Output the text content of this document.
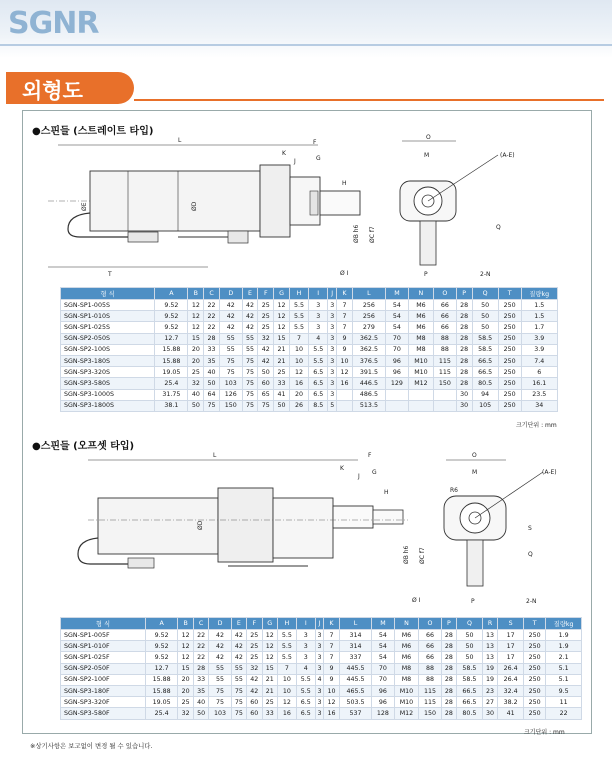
SGNR
외형도
●스핀들 (스트레이트 타입)
L
K
J
F
G
H
ØE	ØD
ØB h6 ØC f7
Ø I
T
O
M	(A-E)
Q
P	2-N
형 식	A	B	C	D	E	F	G	H	I	J	K	L	M	N	O	P	Q	T	질량kg
SGN-SP1-005S	9.52	12	22	42	42	25	12	5.5	3	3	7	256	54	M6	66	28	50	250	1.5
SGN-SP1-010S	9.52	12	22	42	42	25	12	5.5	3	3	7	256	54	M6	66	28	50	250	1.5
SGN-SP1-025S	9.52	12	22	42	42	25	12	5.5	3	3	7	279	54	M6	66	28	50	250	1.7
SGN-SP2-050S	12.7	15	28	55	55	32	15	7	4	3	9	362.5	70	M8	88	28	58.5	250	3.9
SGN-SP2-100S	15.88	20	33	55	55	42	21	10	5.5	3	9	362.5	70	M8	88	28	58.5	250	3.9
SGN-SP3-180S	15.88	20	35	75	75	42	21	10	5.5	3	10	376.5	96	M10	115	28	66.5	250	7.4
SGN-SP3-320S	19.05	25	40	75	75	50	25	12	6.5	3	12	391.5	96	M10	115	28	66.5	250	6
SGN-SP3-580S	25.4	32	50	103	75	60	33	16	6.5	3	16	446.5	129	M12	150	28	80.5	250	16.1
SGN-SP3-1000S	31.75	40	64	126	75	65	41	20	6.5	3		486.5				30	94	250	23.5
SGN-SP3-1800S	38.1	50	75	150	75	75	50	26	8.5	5		513.5				30	105	250	34
크기단위 : mm
●스핀들 (오프셋 타입)
L
K
J
F
G
H
ØD
ØB h6 ØC f7
Ø I
O
M
R6
(A-E)
S
Q
P	2-N
형 식	A	B	C	D	E	F	G	H	I	J	K	L	M	N	O	P	Q	R	S	T	질량kg
SGN-SP1-005F	9.52	12	22	42	42	25	12	5.5	3	3	7	314	54	M6	66	28	50	13	17	250	1.9
SGN-SP1-010F	9.52	12	22	42	42	25	12	5.5	3	3	7	314	54	M6	66	28	50	13	17	250	1.9
SGN-SP1-025F	9.52	12	22	42	42	25	12	5.5	3	3	7	337	54	M6	66	28	50	13	17	250	2.1
SGN-SP2-050F	12.7	15	28	55	55	32	15	7	4	3	9	445.5	70	M8	88	28	58.5	19	26.4	250	5.1
SGN-SP2-100F	15.88	20	33	55	55	42	21	10	5.5	4	9	445.5	70	M8	88	28	58.5	19	26.4	250	5.1
SGN-SP3-180F	15.88	20	35	75	75	42	21	10	5.5	3	10	465.5	96	M10	115	28	66.5	23	32.4	250	9.5
SGN-SP3-320F	19.05	25	40	75	75	60	25	12	6.5	3	12	503.5	96	M10	115	28	66.5	27	38.2	250	11
SGN-SP3-580F	25.4	32	50	103	75	60	33	16	6.5	3	16	537	128	M12	150	28	80.5	30	41	250	22
크기단위 : mm
※상기사항은 보고없이 변경 될 수 있습니다.
